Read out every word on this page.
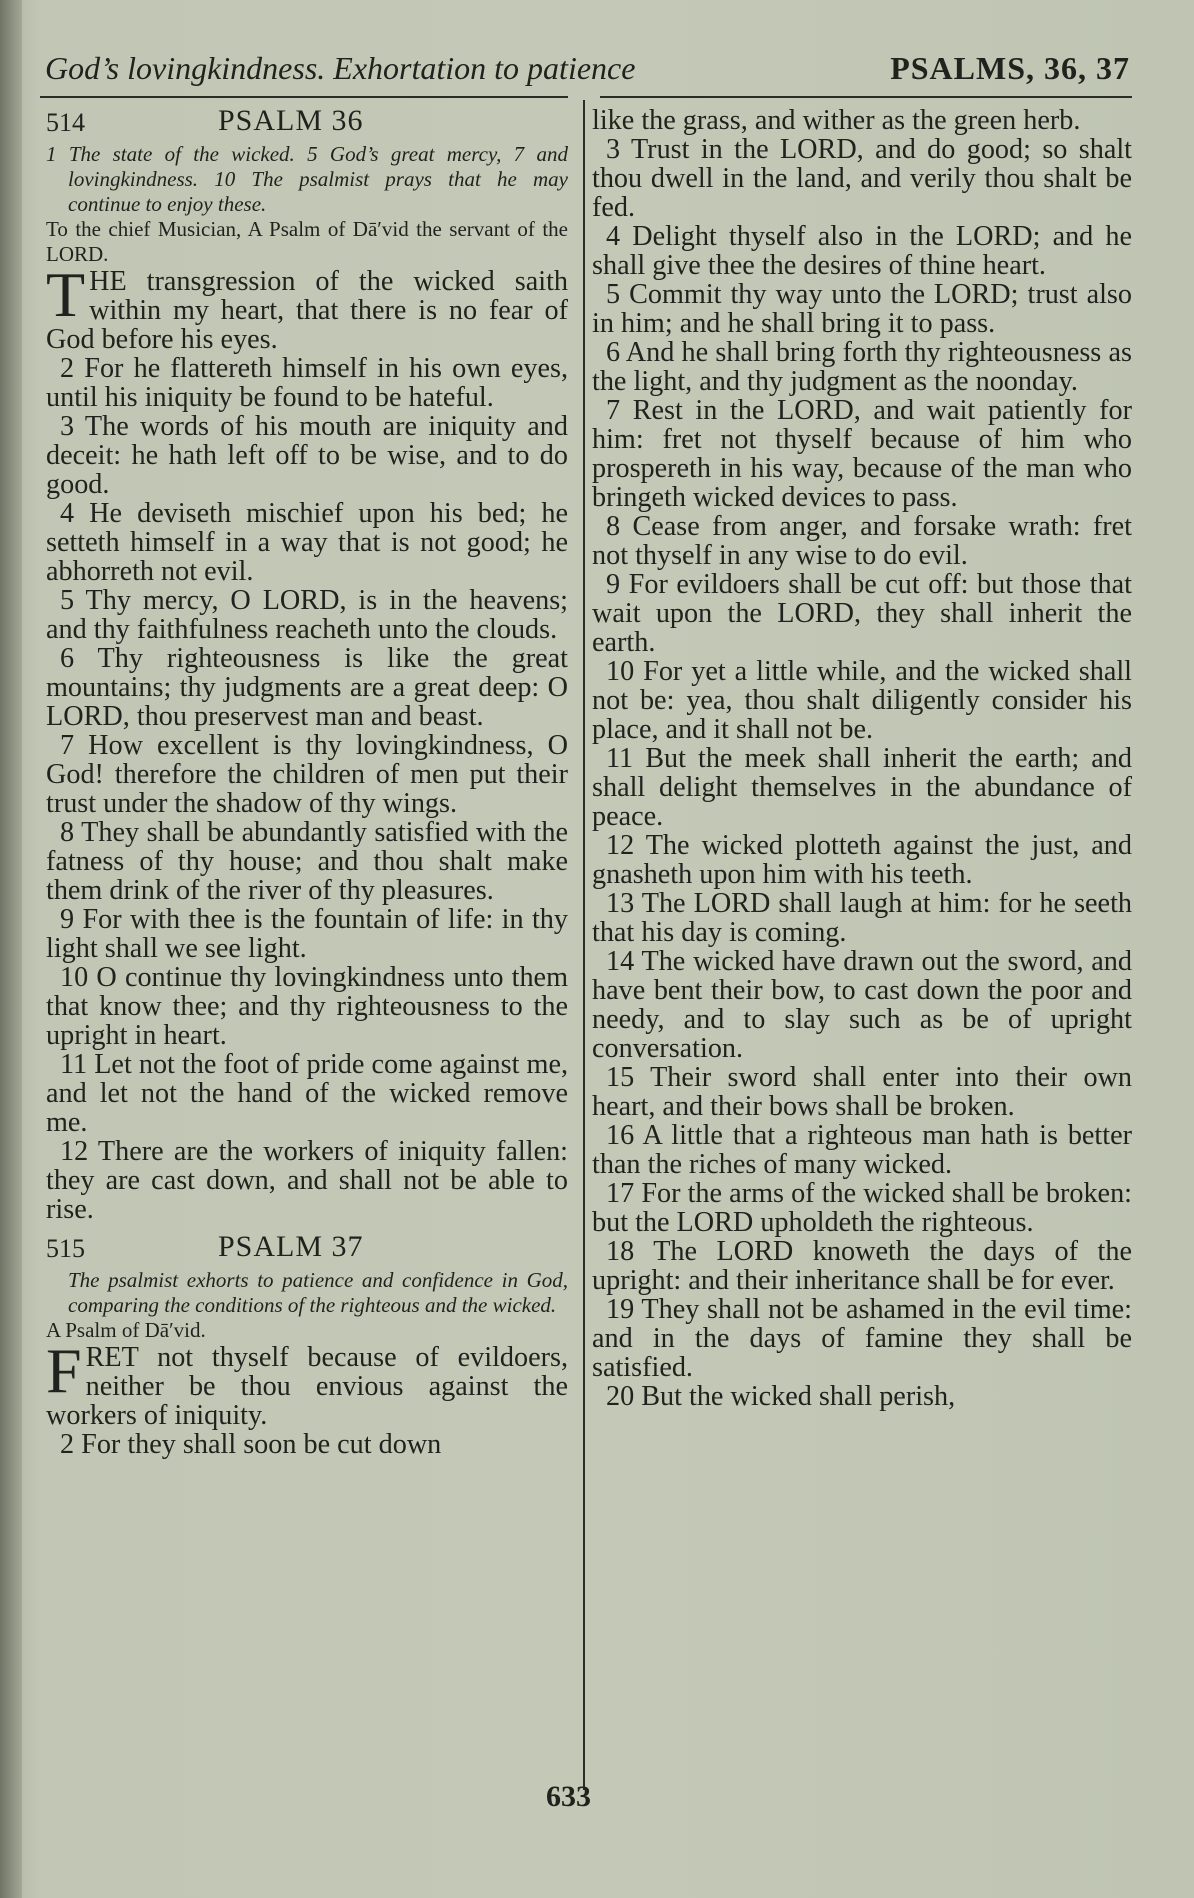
God’s lovingkindness. Exhortation to patience	PSALMS, 36, 37
514	PSALM 36

1 The state of the wicked. 5 God’s great mercy, 7 and lovingkindness. 10 The psalmist prays that he may continue to enjoy these.

To the chief Musician, A Psalm of Dā′vid the servant of the LORD.

THE transgression of the wicked saith within my heart, that there is no fear of God before his eyes.

2 For he flattereth himself in his own eyes, until his iniquity be found to be hateful.

3 The words of his mouth are iniquity and deceit: he hath left off to be wise, and to do good.

4 He deviseth mischief upon his bed; he setteth himself in a way that is not good; he abhorreth not evil.

5 Thy mercy, O LORD, is in the heavens; and thy faithfulness reacheth unto the clouds.

6 Thy righteousness is like the great mountains; thy judgments are a great deep: O LORD, thou preservest man and beast.

7 How excellent is thy lovingkindness, O God! therefore the children of men put their trust under the shadow of thy wings.

8 They shall be abundantly satisfied with the fatness of thy house; and thou shalt make them drink of the river of thy pleasures.

9 For with thee is the fountain of life: in thy light shall we see light.

10 O continue thy lovingkindness unto them that know thee; and thy righteousness to the upright in heart.

11 Let not the foot of pride come against me, and let not the hand of the wicked remove me.

12 There are the workers of iniquity fallen: they are cast down, and shall not be able to rise.

515	PSALM 37

The psalmist exhorts to patience and confidence in God, comparing the conditions of the righteous and the wicked.

A Psalm of Dā′vid.

FRET not thyself because of evildoers, neither be thou envious against the workers of iniquity.

2 For they shall soon be cut down

like the grass, and wither as the green herb.

3 Trust in the LORD, and do good; so shalt thou dwell in the land, and verily thou shalt be fed.

4 Delight thyself also in the LORD; and he shall give thee the desires of thine heart.

5 Commit thy way unto the LORD; trust also in him; and he shall bring it to pass.

6 And he shall bring forth thy righteousness as the light, and thy judgment as the noonday.

7 Rest in the LORD, and wait patiently for him: fret not thyself because of him who prospereth in his way, because of the man who bringeth wicked devices to pass.

8 Cease from anger, and forsake wrath: fret not thyself in any wise to do evil.

9 For evildoers shall be cut off: but those that wait upon the LORD, they shall inherit the earth.

10 For yet a little while, and the wicked shall not be: yea, thou shalt diligently consider his place, and it shall not be.

11 But the meek shall inherit the earth; and shall delight themselves in the abundance of peace.

12 The wicked plotteth against the just, and gnasheth upon him with his teeth.

13 The LORD shall laugh at him: for he seeth that his day is coming.

14 The wicked have drawn out the sword, and have bent their bow, to cast down the poor and needy, and to slay such as be of upright conversation.

15 Their sword shall enter into their own heart, and their bows shall be broken.

16 A little that a righteous man hath is better than the riches of many wicked.

17 For the arms of the wicked shall be broken: but the LORD upholdeth the righteous.

18 The LORD knoweth the days of the upright: and their inheritance shall be for ever.

19 They shall not be ashamed in the evil time: and in the days of famine they shall be satisfied.

20 But the wicked shall perish,

633
